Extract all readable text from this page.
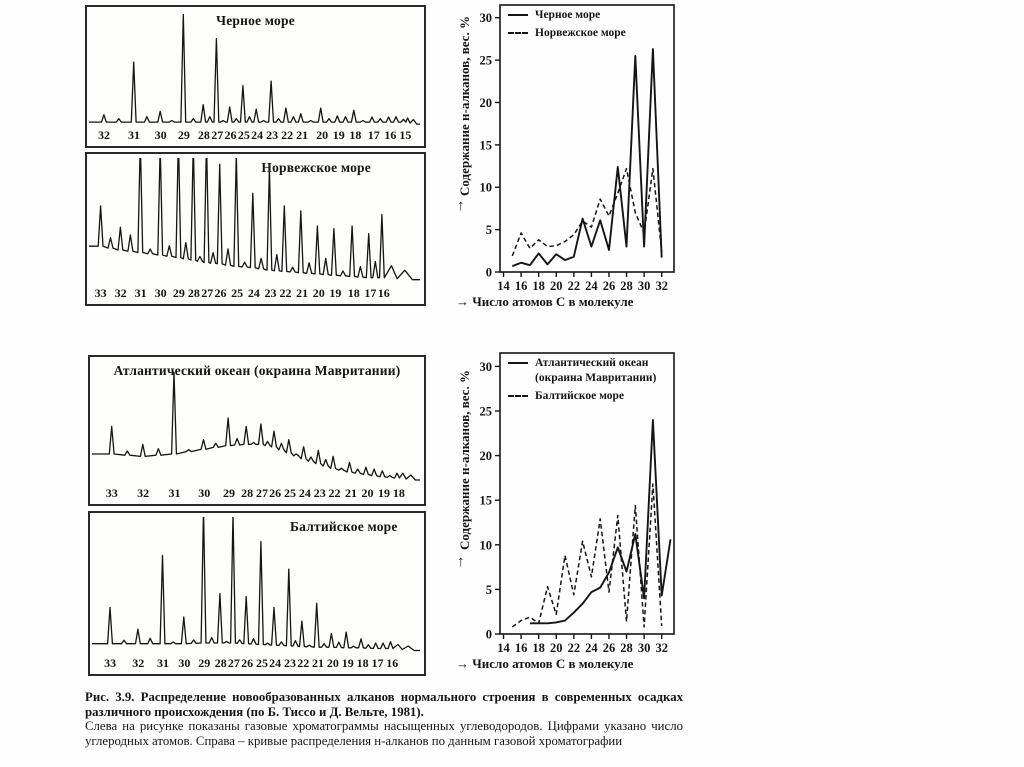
Черное море
32 31 30 29 28 27 26 25 24 23 22 21 20 19 18 17 16 15
Норвежское море
33 32 31 30 29 28 27 26 25 24 23 22 21 20 19 18 17 16
Содержание н-алканов, вес. %
↑
0
5
10
15
20
25
30
14 16 18 20 22 24 26 28 30 32
Черное море
Норвежское море
→ Число атомов С в молекуле
Атлантический океан (окраина Мавритании)
33 32 31 30 29 28 27 26 25 24 23 22 21 20 19 18
Балтийское море
33 32 31 30 29 28 27 26 25 24 23 22 21 20 19 18 17 16
Содержание н-алканов, вес. %
↑
0
5
10
15
20
25
30
14 16 18 20 22 24 26 28 30 32
Атлантический океан (окраина Мавритании)
Балтийское море
→ Число атомов С в молекуле
Рис. 3.9. Распределение новообразованных алканов нормального строения в современных осадках различного происхождения (по Б. Тиссо и Д. Вельте, 1981).
Слева на рисунке показаны газовые хроматограммы насыщенных углеводородов. Цифрами указано число углеродных атомов. Справа – кривые распределения н-алканов по данным газовой хроматографии
